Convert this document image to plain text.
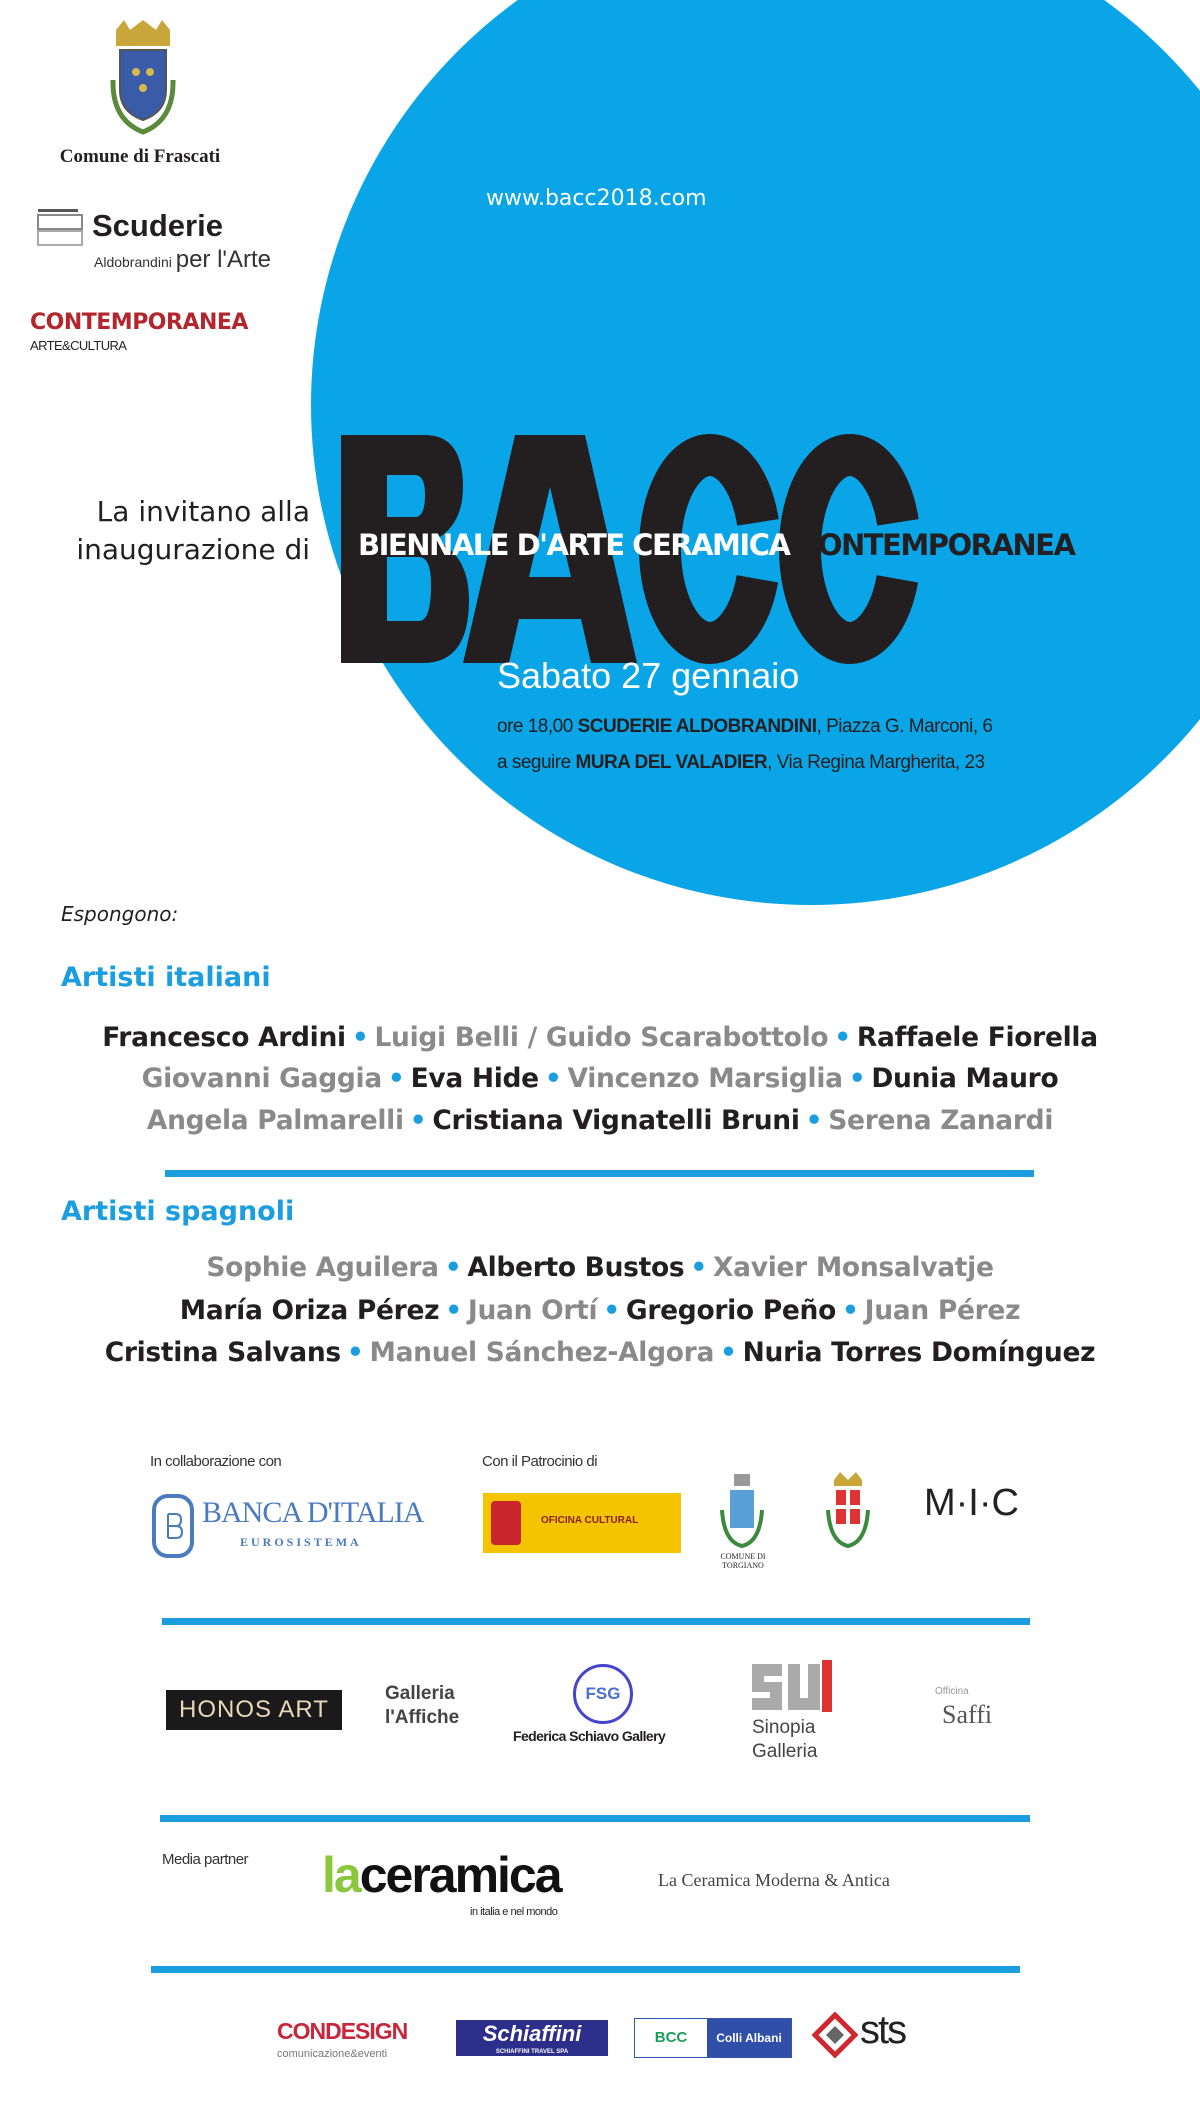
Comune di Frascati
Scuderie
Aldobrandini per l'Arte
CONTEMPORANEA
ARTE&CULTURA
www.bacc2018.com
La invitano alla
inaugurazione di BIENNALE D'ARTE CERAMICA CONTEMPORANEA
Sabato 27 gennaio
ore 18,00 SCUDERIE ALDOBRANDINI, Piazza G. Marconi, 6
a seguire MURA DEL VALADIER, Via Regina Margherita, 23
Espongono:
Artisti italiani
Francesco Ardini • Luigi Belli / Guido Scarabottolo • Raffaele Fiorella
Giovanni Gaggia • Eva Hide • Vincenzo Marsiglia • Dunia Mauro
Angela Palmarelli • Cristiana Vignatelli Bruni • Serena Zanardi
Artisti spagnoli
Sophie Aguilera • Alberto Bustos • Xavier Monsalvatje
María Oriza Pérez • Juan Ortí • Gregorio Peño • Juan Pérez
Cristina Salvans • Manuel Sánchez-Algora • Nuria Torres Domínguez
In collaborazione con	Con il Patrocinio di
BANCA D'ITALIA
EUROSISTEMA
OFICINA CULTURAL
COMUNE DI TORGIANO
M·I·C
HONOS ART
Galleria
l'Affiche
FSG
Federica Schiavo Gallery	Sinopia
Galleria
Officina
Saffi
Media partner laceramica
in italia e nel mondo
La Ceramica Moderna & Antica
CONDESIGN
comunicazione&eventi
Schiaffini
SCHIAFFINI TRAVEL SPA
BCC	Colli Albani sts
